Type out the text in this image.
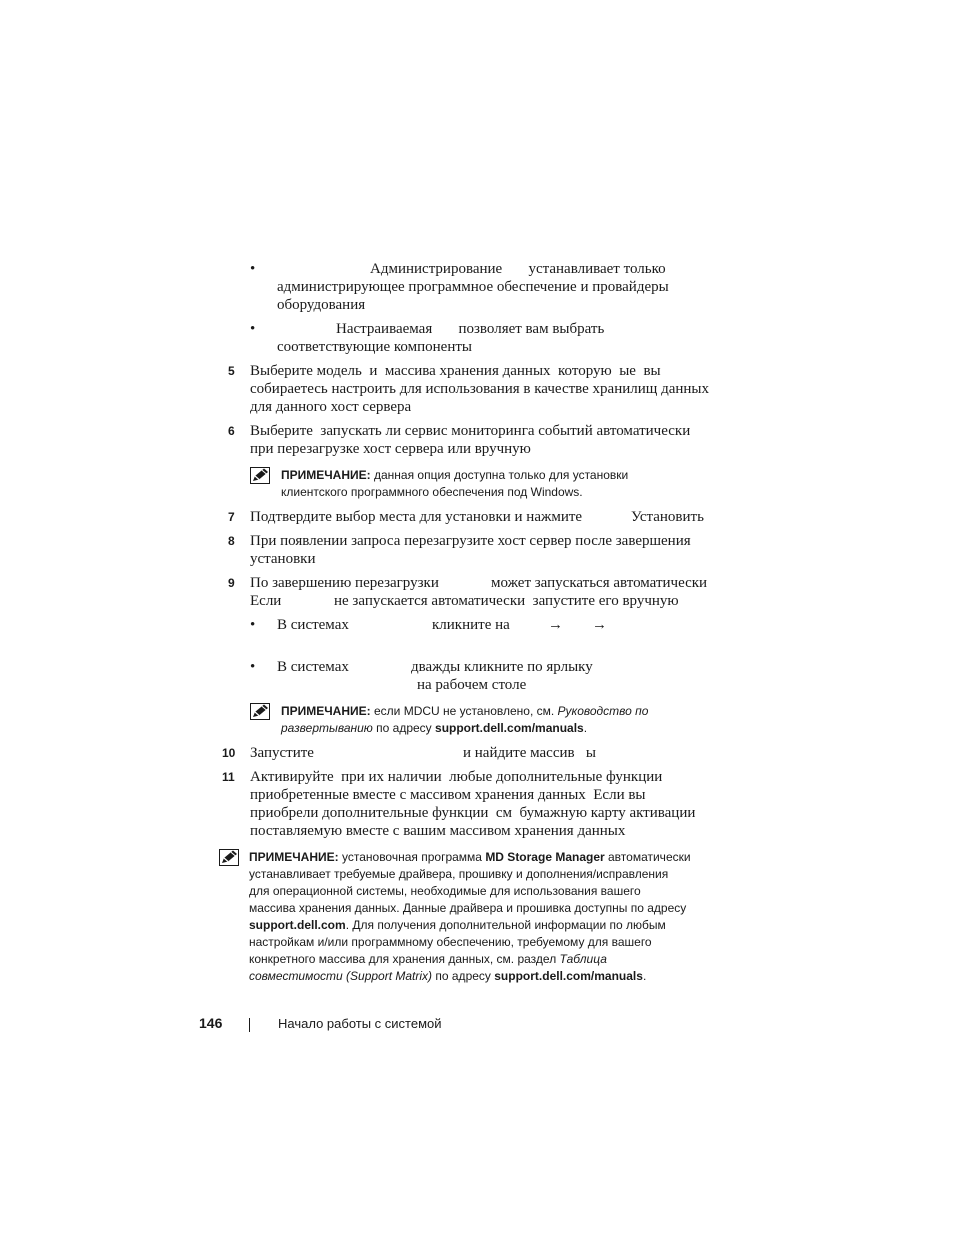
•	Администрирование       устанавливает только
администрирующее программное обеспечение и провайдеры
оборудования
•	Настраиваемая       позволяет вам выбрать
соответствующие компоненты
5 Выберите модель  и  массива хранения данных  которую  ые  вы
собираетесь настроить для использования в качестве хранилищ данных
для данного хост сервера
6 Выберите  запускать ли сервис мониторинга событий автоматически
при перезагрузке хост сервера или вручную
ПРИМЕЧАНИЕ: данная опция доступна только для установки
клиентского программного обеспечения под Windows.
7 Подтвердите выбор места для установки и нажмите	Установить
8 При появлении запроса перезагрузите хост сервер после завершения
установки
9 По завершению перезагрузки	может запускаться автоматически
Если	не запускается автоматически  запустите его вручную
• В системах	кликните на	→ →
• В системах	дважды кликните по ярлыку
на рабочем столе
ПРИМЕЧАНИЕ: если MDCU не установлено, см. Руководство по
развертыванию по адресу support.dell.com/manuals.
10 Запустите	и найдите массив   ы
11 Активируйте  при их наличии  любые дополнительные функции
приобретенные вместе с массивом хранения данных  Если вы
приобрели дополнительные функции  см  бумажную карту активации
поставляемую вместе с вашим массивом хранения данных
ПРИМЕЧАНИЕ: установочная программа MD Storage Manager автоматически
устанавливает требуемые драйвера, прошивку и дополнения/исправления
для операционной системы, необходимые для использования вашего
массива хранения данных. Данные драйвера и прошивка доступны по адресу
support.dell.com. Для получения дополнительной информации по любым
настройкам и/или программному обеспечению, требуемому для вашего
конкретного массива для хранения данных, см. раздел Таблица
совместимости (Support Matrix) по адресу support.dell.com/manuals.
146	Начало работы с системой
